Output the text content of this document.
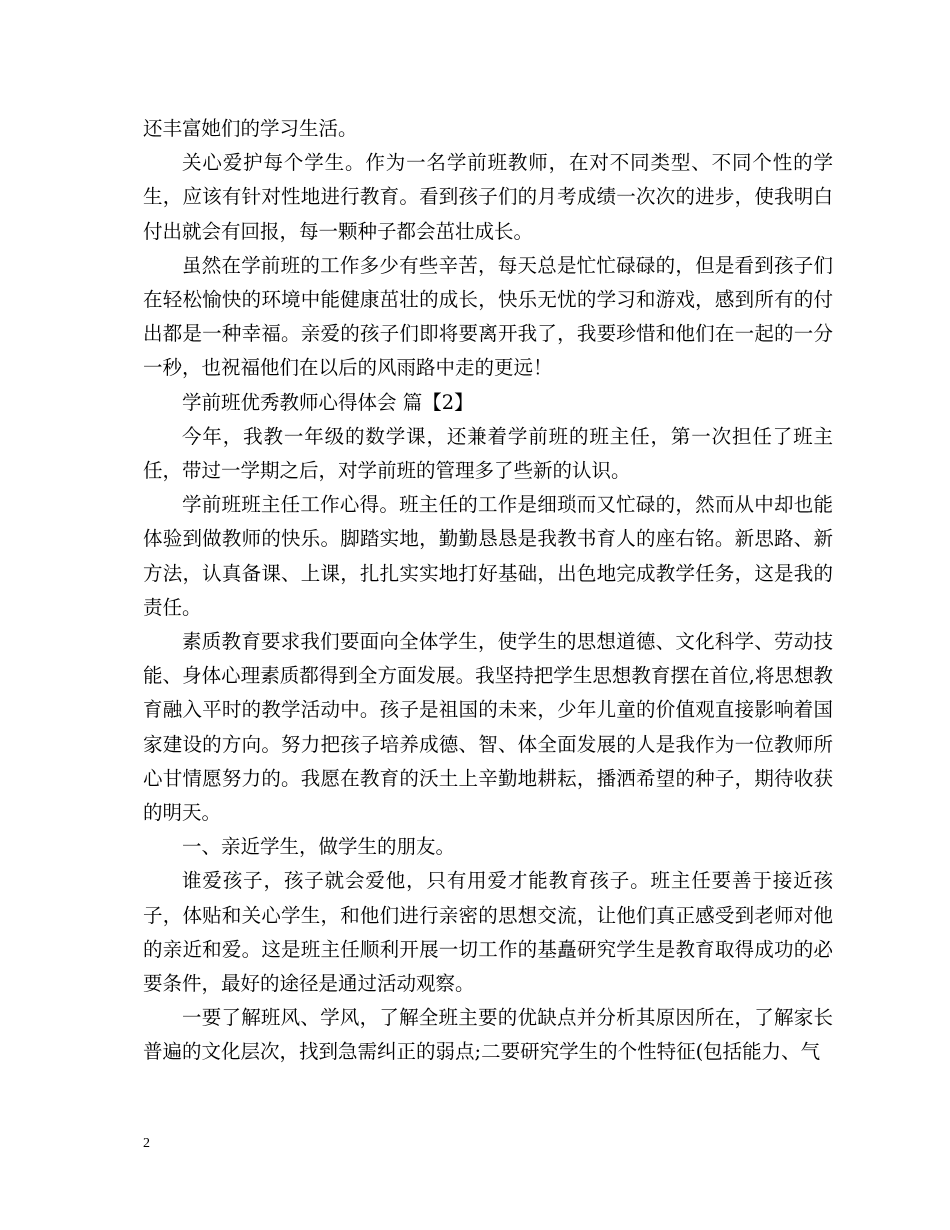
还丰富她们的学习生活。

关心爱护每个学生。作为一名学前班教师，在对不同类型、不同个性的学生，应该有针对性地进行教育。看到孩子们的月考成绩一次次的进步，使我明白付出就会有回报，每一颗种子都会茁壮成长。

虽然在学前班的工作多少有些辛苦，每天总是忙忙碌碌的，但是看到孩子们在轻松愉快的环境中能健康茁壮的成长，快乐无忧的学习和游戏，感到所有的付出都是一种幸福。亲爱的孩子们即将要离开我了，我要珍惜和他们在一起的一分一秒，也祝福他们在以后的风雨路中走的更远！

学前班优秀教师心得体会 篇【2】

今年，我教一年级的数学课，还兼着学前班的班主任，第一次担任了班主任，带过一学期之后，对学前班的管理多了些新的认识。

学前班班主任工作心得。班主任的工作是细琐而又忙碌的，然而从中却也能体验到做教师的快乐。脚踏实地，勤勤恳恳是我教书育人的座右铭。新思路、新方法，认真备课、上课，扎扎实实地打好基础，出色地完成教学任务，这是我的责任。

素质教育要求我们要面向全体学生，使学生的思想道德、文化科学、劳动技能、身体心理素质都得到全方面发展。我坚持把学生思想教育摆在首位,将思想教育融入平时的教学活动中。孩子是祖国的未来，少年儿童的价值观直接影响着国家建设的方向。努力把孩子培养成德、智、体全面发展的人是我作为一位教师所心甘情愿努力的。我愿在教育的沃土上辛勤地耕耘，播洒希望的种子，期待收获的明天。

一、亲近学生，做学生的朋友。

谁爱孩子，孩子就会爱他，只有用爱才能教育孩子。班主任要善于接近孩子，体贴和关心学生，和他们进行亲密的思想交流，让他们真正感受到老师对他的亲近和爱。这是班主任顺利开展一切工作的基矗研究学生是教育取得成功的必要条件，最好的途径是通过活动观察。

一要了解班风、学风，了解全班主要的优缺点并分析其原因所在，了解家长普遍的文化层次，找到急需纠正的弱点;二要研究学生的个性特征(包括能力、气

2
